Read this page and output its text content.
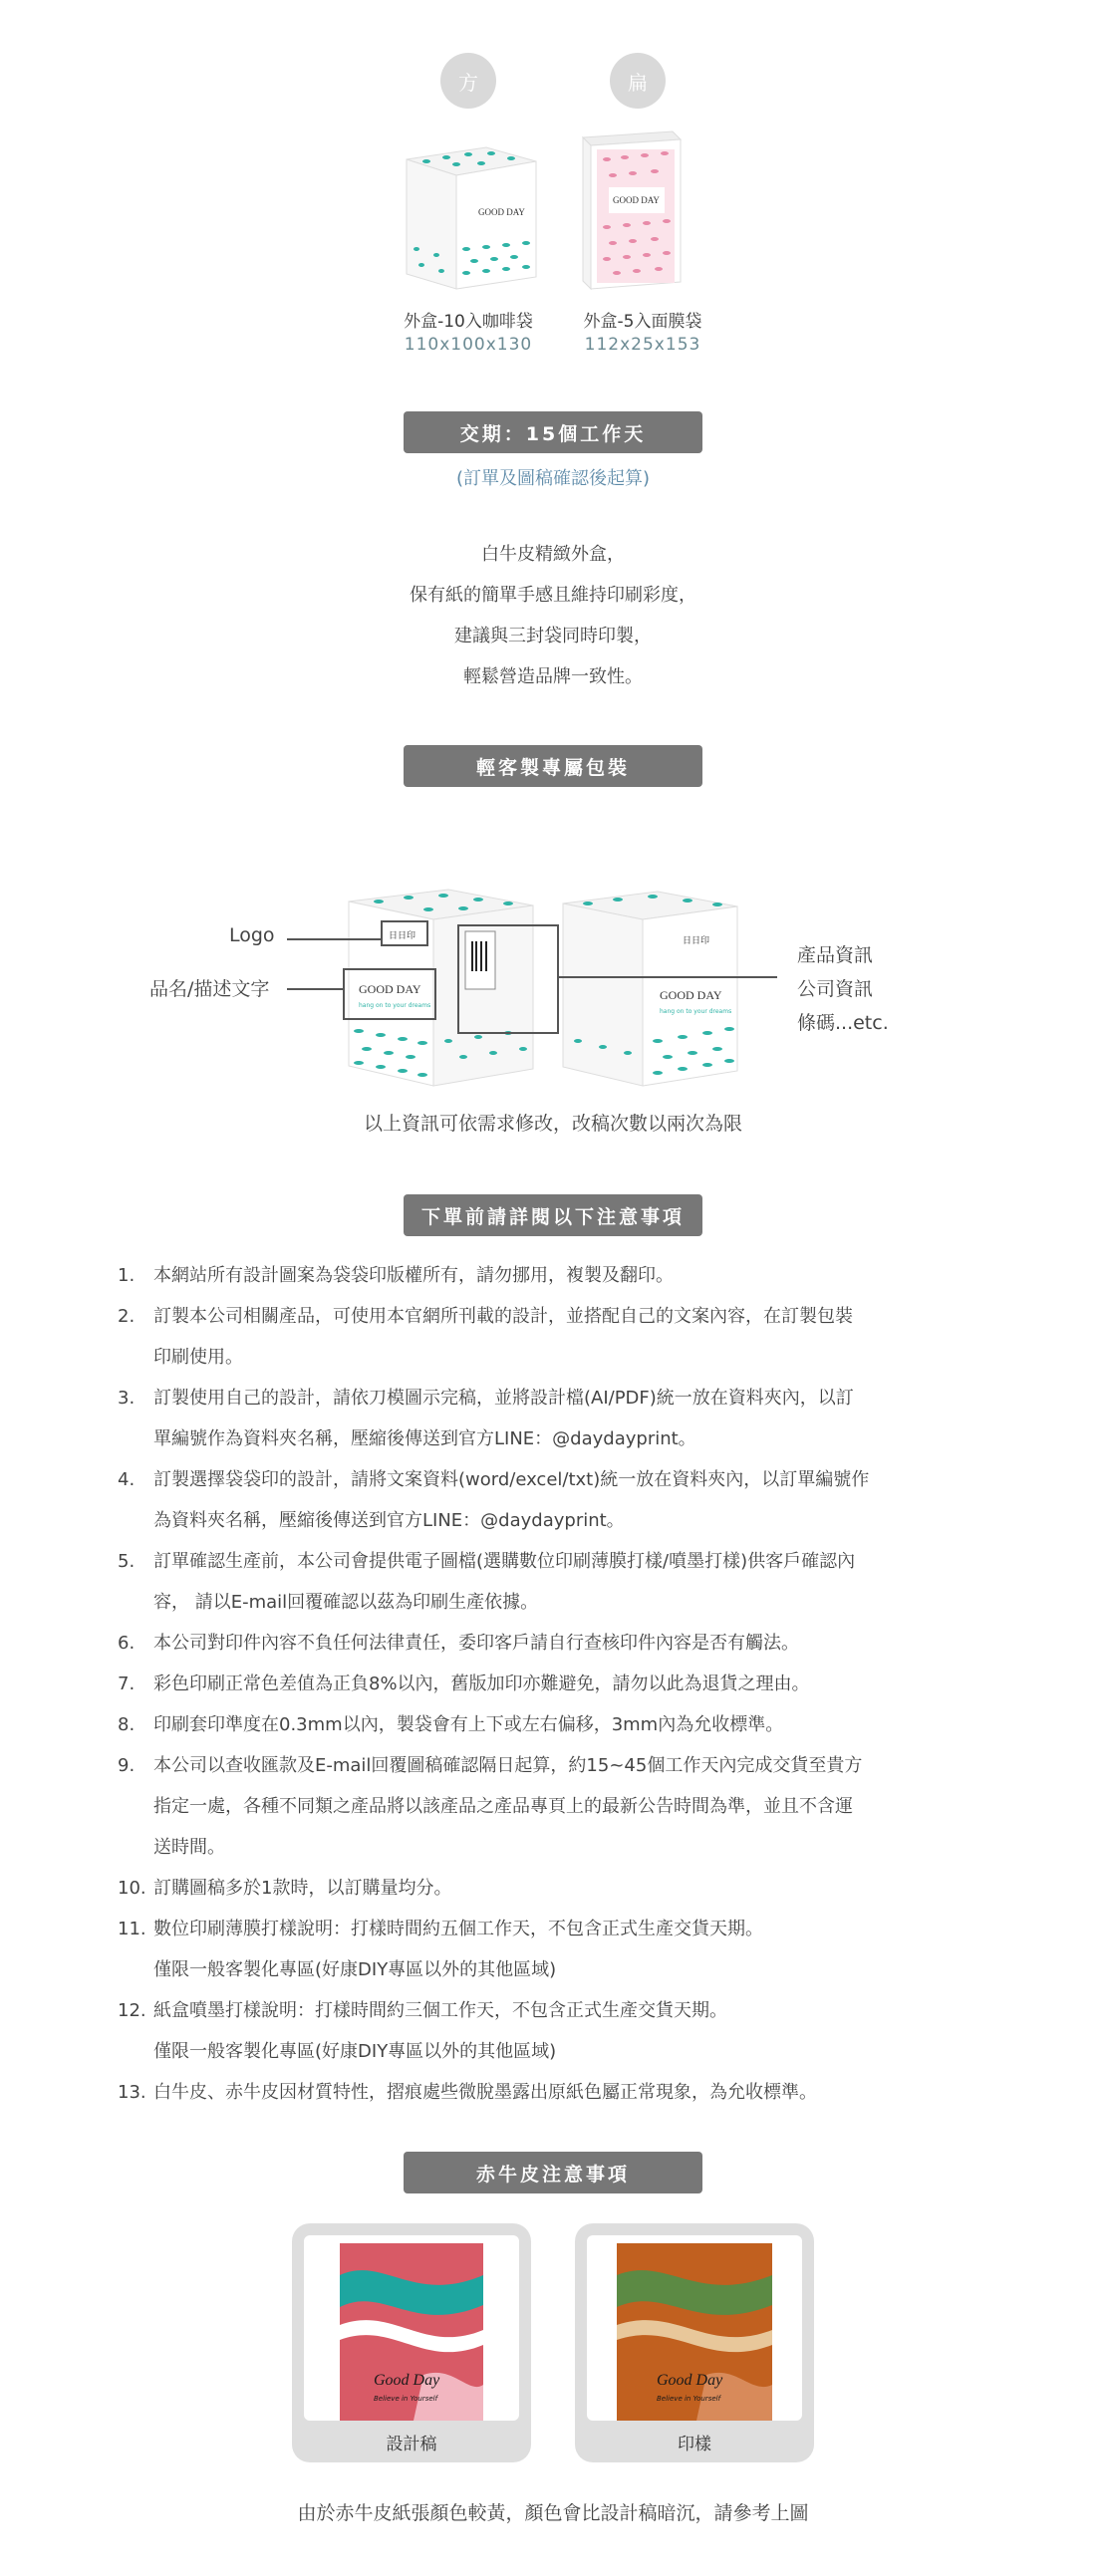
方	扁
GOOD DAY
GOOD DAY
外盒-10入咖啡袋
110x100x130
外盒-5入面膜袋
112x25x153
交期：15個工作天
(訂單及圖稿確認後起算)
白牛皮精緻外盒，
保有紙的簡單手感且維持印刷彩度，
建議與三封袋同時印製，
輕鬆營造品牌一致性。
輕客製專屬包裝
日日印
GOOD DAY
hang on to your dreams
GOOD DAY
hang on to your dreams
日日印
Logo
品名/描述文字
產品資訊
公司資訊
條碼...etc.
以上資訊可依需求修改，改稿次數以兩次為限
下單前請詳閱以下注意事項
1.	本網站所有設計圖案為袋袋印版權所有，請勿挪用，複製及翻印。
2.	訂製本公司相關產品，可使用本官網所刊載的設計，並搭配自己的文案內容，在訂製包裝
印刷使用。
3.	訂製使用自己的設計，請依刀模圖示完稿，並將設計檔(AI/PDF)統一放在資料夾內，以訂
單編號作為資料夾名稱，壓縮後傳送到官方LINE：@daydayprint。
4.	訂製選擇袋袋印的設計，請將文案資料(word/excel/txt)統一放在資料夾內，以訂單編號作
為資料夾名稱，壓縮後傳送到官方LINE：@daydayprint。
5.	訂單確認生產前，本公司會提供電子圖檔(選購數位印刷薄膜打樣/噴墨打樣)供客戶確認內
容， 請以E-mail回覆確認以茲為印刷生產依據。
6.	本公司對印件內容不負任何法律責任，委印客戶請自行查核印件內容是否有觸法。
7.	彩色印刷正常色差值為正負8%以內，舊版加印亦難避免，請勿以此為退貨之理由。
8.	印刷套印準度在0.3mm以內，製袋會有上下或左右偏移，3mm內為允收標準。
9.	本公司以查收匯款及E-mail回覆圖稿確認隔日起算，約15~45個工作天內完成交貨至貴方
指定一處，各種不同類之產品將以該產品之產品專頁上的最新公告時間為準，並且不含運
送時間。
10. 訂購圖稿多於1款時，以訂購量均分。
11. 數位印刷薄膜打樣說明：打樣時間約五個工作天，不包含正式生產交貨天期。
僅限一般客製化專區(好康DIY專區以外的其他區域)
12. 紙盒噴墨打樣說明：打樣時間約三個工作天，不包含正式生產交貨天期。
僅限一般客製化專區(好康DIY專區以外的其他區域)
13. 白牛皮、赤牛皮因材質特性，摺痕處些微脫墨露出原紙色屬正常現象，為允收標準。
赤牛皮注意事項
Good Day
Believe in Yourself
設計稿
Good Day
Believe in Yourself
印樣
由於赤牛皮紙張顏色較黃，顏色會比設計稿暗沉，請參考上圖
